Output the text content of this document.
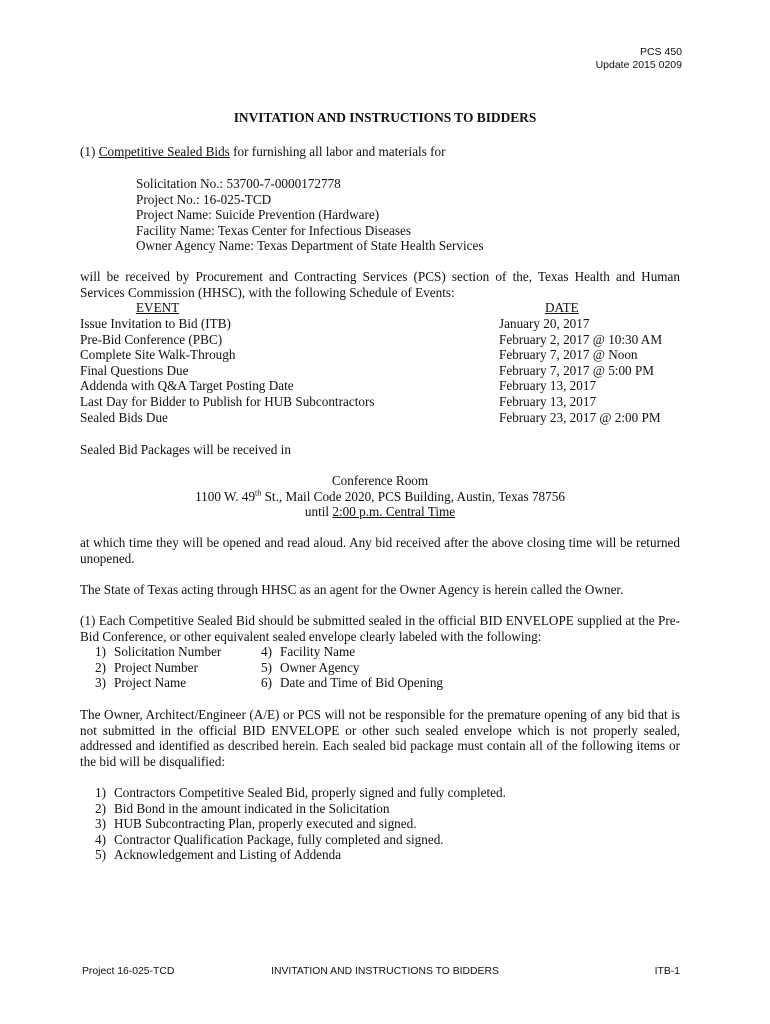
PCS 450
Update 2015 0209
INVITATION AND INSTRUCTIONS TO BIDDERS
(1) Competitive Sealed Bids for furnishing all labor and materials for
Solicitation No.: 53700-7-0000172778
Project No.: 16-025-TCD
Project Name: Suicide Prevention (Hardware)
Facility Name: Texas Center for Infectious Diseases
Owner Agency Name: Texas Department of State Health Services
will be received by Procurement and Contracting Services (PCS) section of the, Texas Health and Human Services Commission (HHSC), with the following Schedule of Events:
EVENT	DATE
Issue Invitation to Bid (ITB)	January 20, 2017
Pre-Bid Conference (PBC)	February 2, 2017 @ 10:30 AM
Complete Site Walk-Through	February 7, 2017 @ Noon
Final Questions Due	February 7, 2017 @ 5:00 PM
Addenda with Q&A Target Posting Date	February 13, 2017
Last Day for Bidder to Publish for HUB Subcontractors	February 13, 2017
Sealed Bids Due	February 23, 2017 @ 2:00 PM
Sealed Bid Packages will be received in
Conference Room
1100 W. 49th St., Mail Code 2020, PCS Building, Austin, Texas 78756
until 2:00 p.m. Central Time
at which time they will be opened and read aloud. Any bid received after the above closing time will be returned unopened.
The State of Texas acting through HHSC as an agent for the Owner Agency is herein called the Owner.
(1) Each Competitive Sealed Bid should be submitted sealed in the official BID ENVELOPE supplied at the Pre-Bid Conference, or other equivalent sealed envelope clearly labeled with the following:
1) Solicitation Number	4) Facility Name
2) Project Number	5) Owner Agency
3) Project Name	6) Date and Time of Bid Opening
The Owner, Architect/Engineer (A/E) or PCS will not be responsible for the premature opening of any bid that is not submitted in the official BID ENVELOPE or other such sealed envelope which is not properly sealed, addressed and identified as described herein. Each sealed bid package must contain all of the following items or the bid will be disqualified:
1) Contractors Competitive Sealed Bid, properly signed and fully completed.
2) Bid Bond in the amount indicated in the Solicitation
3) HUB Subcontracting Plan, properly executed and signed.
4) Contractor Qualification Package, fully completed and signed.
5) Acknowledgement and Listing of Addenda
Project 16-025-TCD	INVITATION AND INSTRUCTIONS TO BIDDERS	ITB-1
